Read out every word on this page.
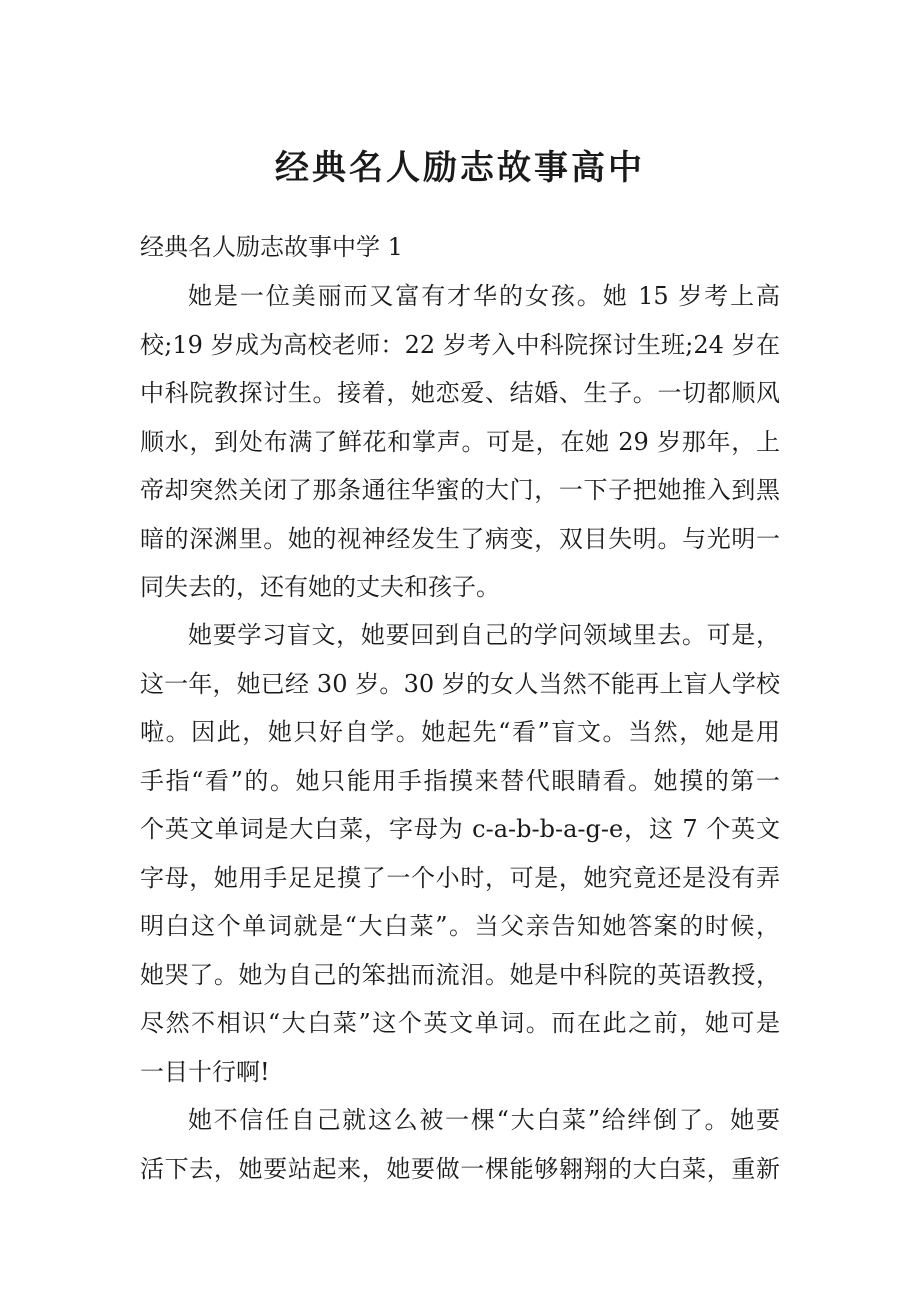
经典名人励志故事高中
经典名人励志故事中学 1
她是一位美丽而又富有才华的女孩。她 15 岁考上高
校;19 岁成为高校老师：22 岁考入中科院探讨生班;24 岁在
中科院教探讨生。接着，她恋爱、结婚、生子。一切都顺风
顺水，到处布满了鲜花和掌声。可是，在她 29 岁那年，上
帝却突然关闭了那条通往华蜜的大门，一下子把她推入到黑
暗的深渊里。她的视神经发生了病变，双目失明。与光明一
同失去的，还有她的丈夫和孩子。
她要学习盲文，她要回到自己的学问领域里去。可是，
这一年，她已经 30 岁。30 岁的女人当然不能再上盲人学校
啦。因此，她只好自学。她起先“看”盲文。当然，她是用
手指“看”的。她只能用手指摸来替代眼睛看。她摸的第一
个英文单词是大白菜，字母为 c-a-b-b-a-g-e，这 7 个英文
字母，她用手足足摸了一个小时，可是，她究竟还是没有弄
明白这个单词就是“大白菜”。当父亲告知她答案的时候，
她哭了。她为自己的笨拙而流泪。她是中科院的英语教授，
尽然不相识“大白菜”这个英文单词。而在此之前，她可是
一目十行啊!
她不信任自己就这么被一棵“大白菜”给绊倒了。她要
活下去，她要站起来，她要做一棵能够翱翔的大白菜，重新
